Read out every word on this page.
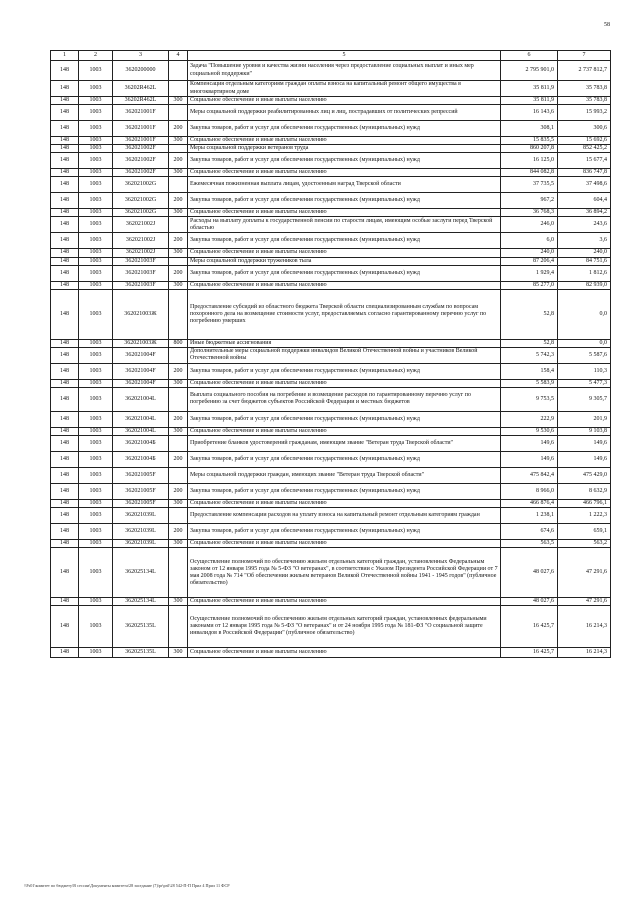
58
1	2	3	4	5	6	7
148	1003	3620200000		Задача "Повышение уровня и качества жизни населения через предоставление социальных выплат и иных мер социальной поддержки"	2 795 901,0	2 737 812,7
148	1003	36202R462L		Компенсация отдельным категориям граждан оплаты взноса на капитальный ремонт общего имущества в многоквартирном доме	35 811,9	35 783,8
148	1003	36202R462L	300	Социальное обеспечение и иные выплаты населению	35 811,9	35 783,8
148	1003	362021001F		Меры социальной поддержки реабилитированных лиц и лиц, пострадавших от политических репрессий	16 143,6	15 993,2
148	1003	362021001F	200	Закупка товаров, работ и услуг для обеспечения государственных (муниципальных) нужд	308,1	300,6
148	1003	362021001F	300	Социальное обеспечение и иные выплаты населению	15 835,5	15 692,6
148	1003	362021002F		Меры социальной поддержки ветеранов труда	860 207,8	852 425,2
148	1003	362021002F	200	Закупка товаров, работ и услуг для обеспечения государственных (муниципальных) нужд	16 125,0	15 677,4
148	1003	362021002F	300	Социальное обеспечение и иные выплаты населению	844 082,8	836 747,8
148	1003	362021002G		Ежемесячная пожизненная выплата лицам, удостоенным наград Тверской области	37 735,5	37 498,6
148	1003	362021002G	200	Закупка товаров, работ и услуг для обеспечения государственных (муниципальных) нужд	967,2	604,4
148	1003	362021002G	300	Социальное обеспечение и иные выплаты населению	36 768,3	36 894,2
148	1003	362021002J		Расходы на выплату доплаты к государственной пенсии по старости лицам, имеющим особые заслуги перед Тверской областью	246,0	243,6
148	1003	362021002J	200	Закупка товаров, работ и услуг для обеспечения государственных (муниципальных) нужд	6,0	3,6
148	1003	362021002J	300	Социальное обеспечение и иные выплаты населению	240,0	240,0
148	1003	362021003F		Меры социальной поддержки тружеников тыла	87 206,4	84 751,6
148	1003	362021003F	200	Закупка товаров, работ и услуг для обеспечения государственных (муниципальных) нужд	1 929,4	1 812,6
148	1003	362021003F	300	Социальное обеспечение и иные выплаты населению	85 277,0	82 939,0
148	1003	362021003Ж		Предоставление субсидий из областного бюджета Тверской области специализированным службам по вопросам похоронного дела на возмещение стоимости услуг, предоставляемых согласно гарантированному перечню услуг по погребению умерших	52,8	0,0
148	1003	362021003Ж	800	Иные бюджетные ассигнования	52,8	0,0
148	1003	362021004F		Дополнительные меры социальной поддержки инвалидов Великой Отечественной войны и участников Великой Отечественной войны	5 742,3	5 587,6
148	1003	362021004F	200	Закупка товаров, работ и услуг для обеспечения государственных (муниципальных) нужд	158,4	110,3
148	1003	362021004F	300	Социальное обеспечение и иные выплаты населению	5 583,9	5 477,3
148	1003	362021004L		Выплата социального пособия на погребение и возмещение расходов по гарантированному перечню услуг по погребению за счет бюджетов субъектов Российской Федерации и местных бюджетов	9 753,5	9 305,7
148	1003	362021004L	200	Закупка товаров, работ и услуг для обеспечения государственных (муниципальных) нужд	222,9	201,9
148	1003	362021004L	300	Социальное обеспечение и иные выплаты населению	9 530,6	9 103,8
148	1003	362021004Б		Приобретение бланков удостоверений гражданам, имеющим звание "Ветеран труда Тверской области"	149,6	149,6
148	1003	362021004Б	200	Закупка товаров, работ и услуг для обеспечения государственных (муниципальных) нужд	149,6	149,6
148	1003	362021005F		Меры социальной поддержки граждан, имеющих звание "Ветеран труда Тверской области"	475 842,4	475 429,0
148	1003	362021005F	200	Закупка товаров, работ и услуг для обеспечения государственных (муниципальных) нужд	8 966,0	8 632,9
148	1003	362021005F	300	Социальное обеспечение и иные выплаты населению	466 876,4	466 796,1
148	1003	362021039L		Предоставление компенсации расходов на уплату взноса на капитальный ремонт отдельным категориям граждан	1 238,1	1 222,3
148	1003	362021039L	200	Закупка товаров, работ и услуг для обеспечения государственных (муниципальных) нужд	674,6	659,1
148	1003	362021039L	300	Социальное обеспечение и иные выплаты населению	563,5	563,2
148	1003	362025134L		Осуществление полномочий по обеспечению жильем отдельных категорий граждан, установленных Федеральным законом от 12 января 1995 года № 5-ФЗ "О ветеранах", в соответствии с Указом Президента Российской Федерации от 7 мая 2008 года № 714 "Об обеспечении жильем ветеранов Великой Отечественной войны 1941 - 1945 годов" (публичное обязательство)	48 027,6	47 291,6
148	1003	362025134L	300	Социальное обеспечение и иные выплаты населению	48 027,6	47 291,6
148	1003	362025135L		Осуществление полномочий по обеспечению жильем отдельных категорий граждан, установленных федеральными законами от 12 января 1995 года № 5-ФЗ "О ветеранах" и от 24 ноября 1995 года № 181-ФЗ "О социальной защите инвалидов в Российской Федерации" (публичное обязательство)	16 425,7	16 214,3
148	1003	362025135L	300	Социальное обеспечение и иные выплаты населению	16 425,7	16 214,3
\\Fs01\комитет по бюджету\В сессии\Документы комитета\28 заседание (7)\pr\pril\28 542-П-П Прил 4 Прил 11 ФСР
